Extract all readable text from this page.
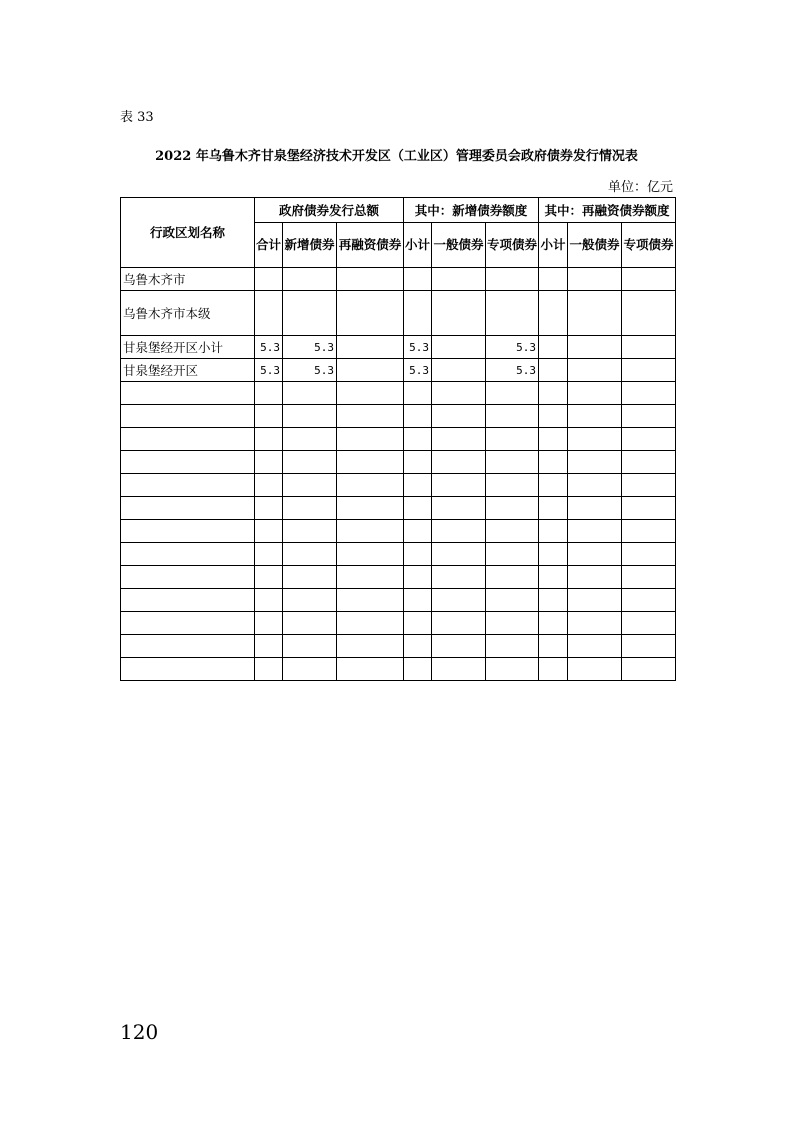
表 33
2022 年乌鲁木齐甘泉堡经济技术开发区（工业区）管理委员会政府债券发行情况表
单位：亿元
行政区划名称	政府债券发行总额			其中：新增债券额度			其中：再融资债券额度		
	合计	新增债券	再融资债券	小计	一般债券	专项债券	小计	一般债券	专项债券
乌鲁木齐市									
乌鲁木齐市本级									
甘泉堡经开区小计	5.3	5.3		5.3		5.3			
甘泉堡经开区	5.3	5.3		5.3		5.3			

120
